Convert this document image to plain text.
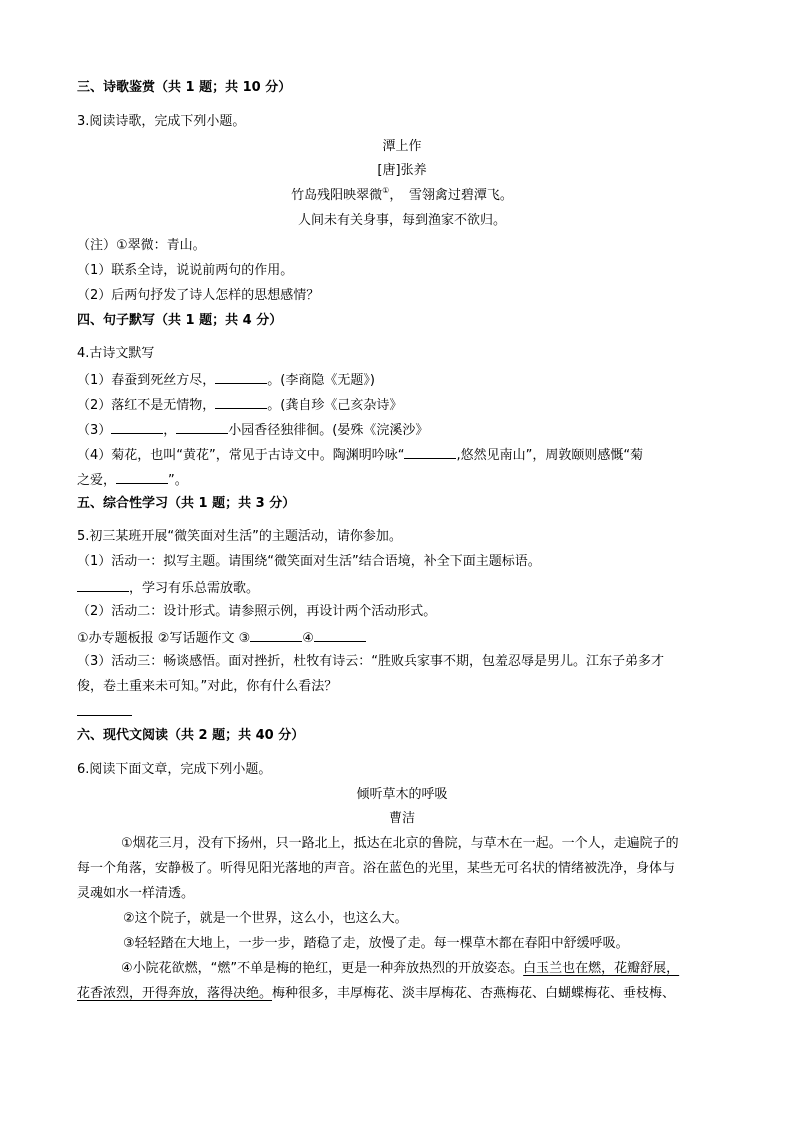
三、诗歌鉴赏（共 1 题；共 10 分）
3.阅读诗歌，完成下列小题。
潭上作
[唐]张养
竹岛残阳映翠微①，　雪翎禽过碧潭飞。
人间未有关身事，每到渔家不欲归。
（注）①翠微：青山。
（1）联系全诗，说说前两句的作用。
（2）后两句抒发了诗人怎样的思想感情？
四、句子默写（共 1 题；共 4 分）
4.古诗文默写
（1）春蚕到死丝方尽，	。(李商隐《无题》)
（2）落红不是无情物，	。(龚自珍《己亥杂诗》
（3）	，	小园香径独徘徊。(晏殊《浣溪沙》
（4）菊花，也叫“黄花”，常见于古诗文中。陶渊明吟咏“	,悠然见南山”，周敦颐则感慨“菊
之爱，	”。
五、综合性学习（共 1 题；共 3 分）
5.初三某班开展“微笑面对生活”的主题活动，请你参加。
（1）活动一：拟写主题。请围绕“微笑面对生活”结合语境，补全下面主题标语。
，学习有乐总需放歌。
（2）活动二：设计形式。请参照示例，再设计两个活动形式。
①办专题板报 ②写话题作文 ③	④
（3）活动三：畅谈感悟。面对挫折，杜牧有诗云：“胜败兵家事不期，包羞忍辱是男儿。江东子弟多才
俊，卷土重来未可知。”对此，你有什么看法？
六、现代文阅读（共 2 题；共 40 分）
6.阅读下面文章，完成下列小题。
倾听草木的呼吸
曹洁
①烟花三月，没有下扬州，只一路北上，抵达在北京的鲁院，与草木在一起。一个人，走遍院子的
每一个角落，安静极了。听得见阳光落地的声音。浴在蓝色的光里，某些无可名状的情绪被洗净，身体与
灵魂如水一样清透。
②这个院子，就是一个世界，这么小，也这么大。
③轻轻踏在大地上，一步一步，踏稳了走，放慢了走。每一棵草木都在春阳中舒缓呼吸。
④小院花欲燃，“燃”不单是梅的艳红，更是一种奔放热烈的开放姿态。白玉兰也在燃，花瓣舒展，
花香浓烈，开得奔放，落得决绝。梅种很多，丰厚梅花、淡丰厚梅花、杏燕梅花、白蝴蝶梅花、垂枝梅、
